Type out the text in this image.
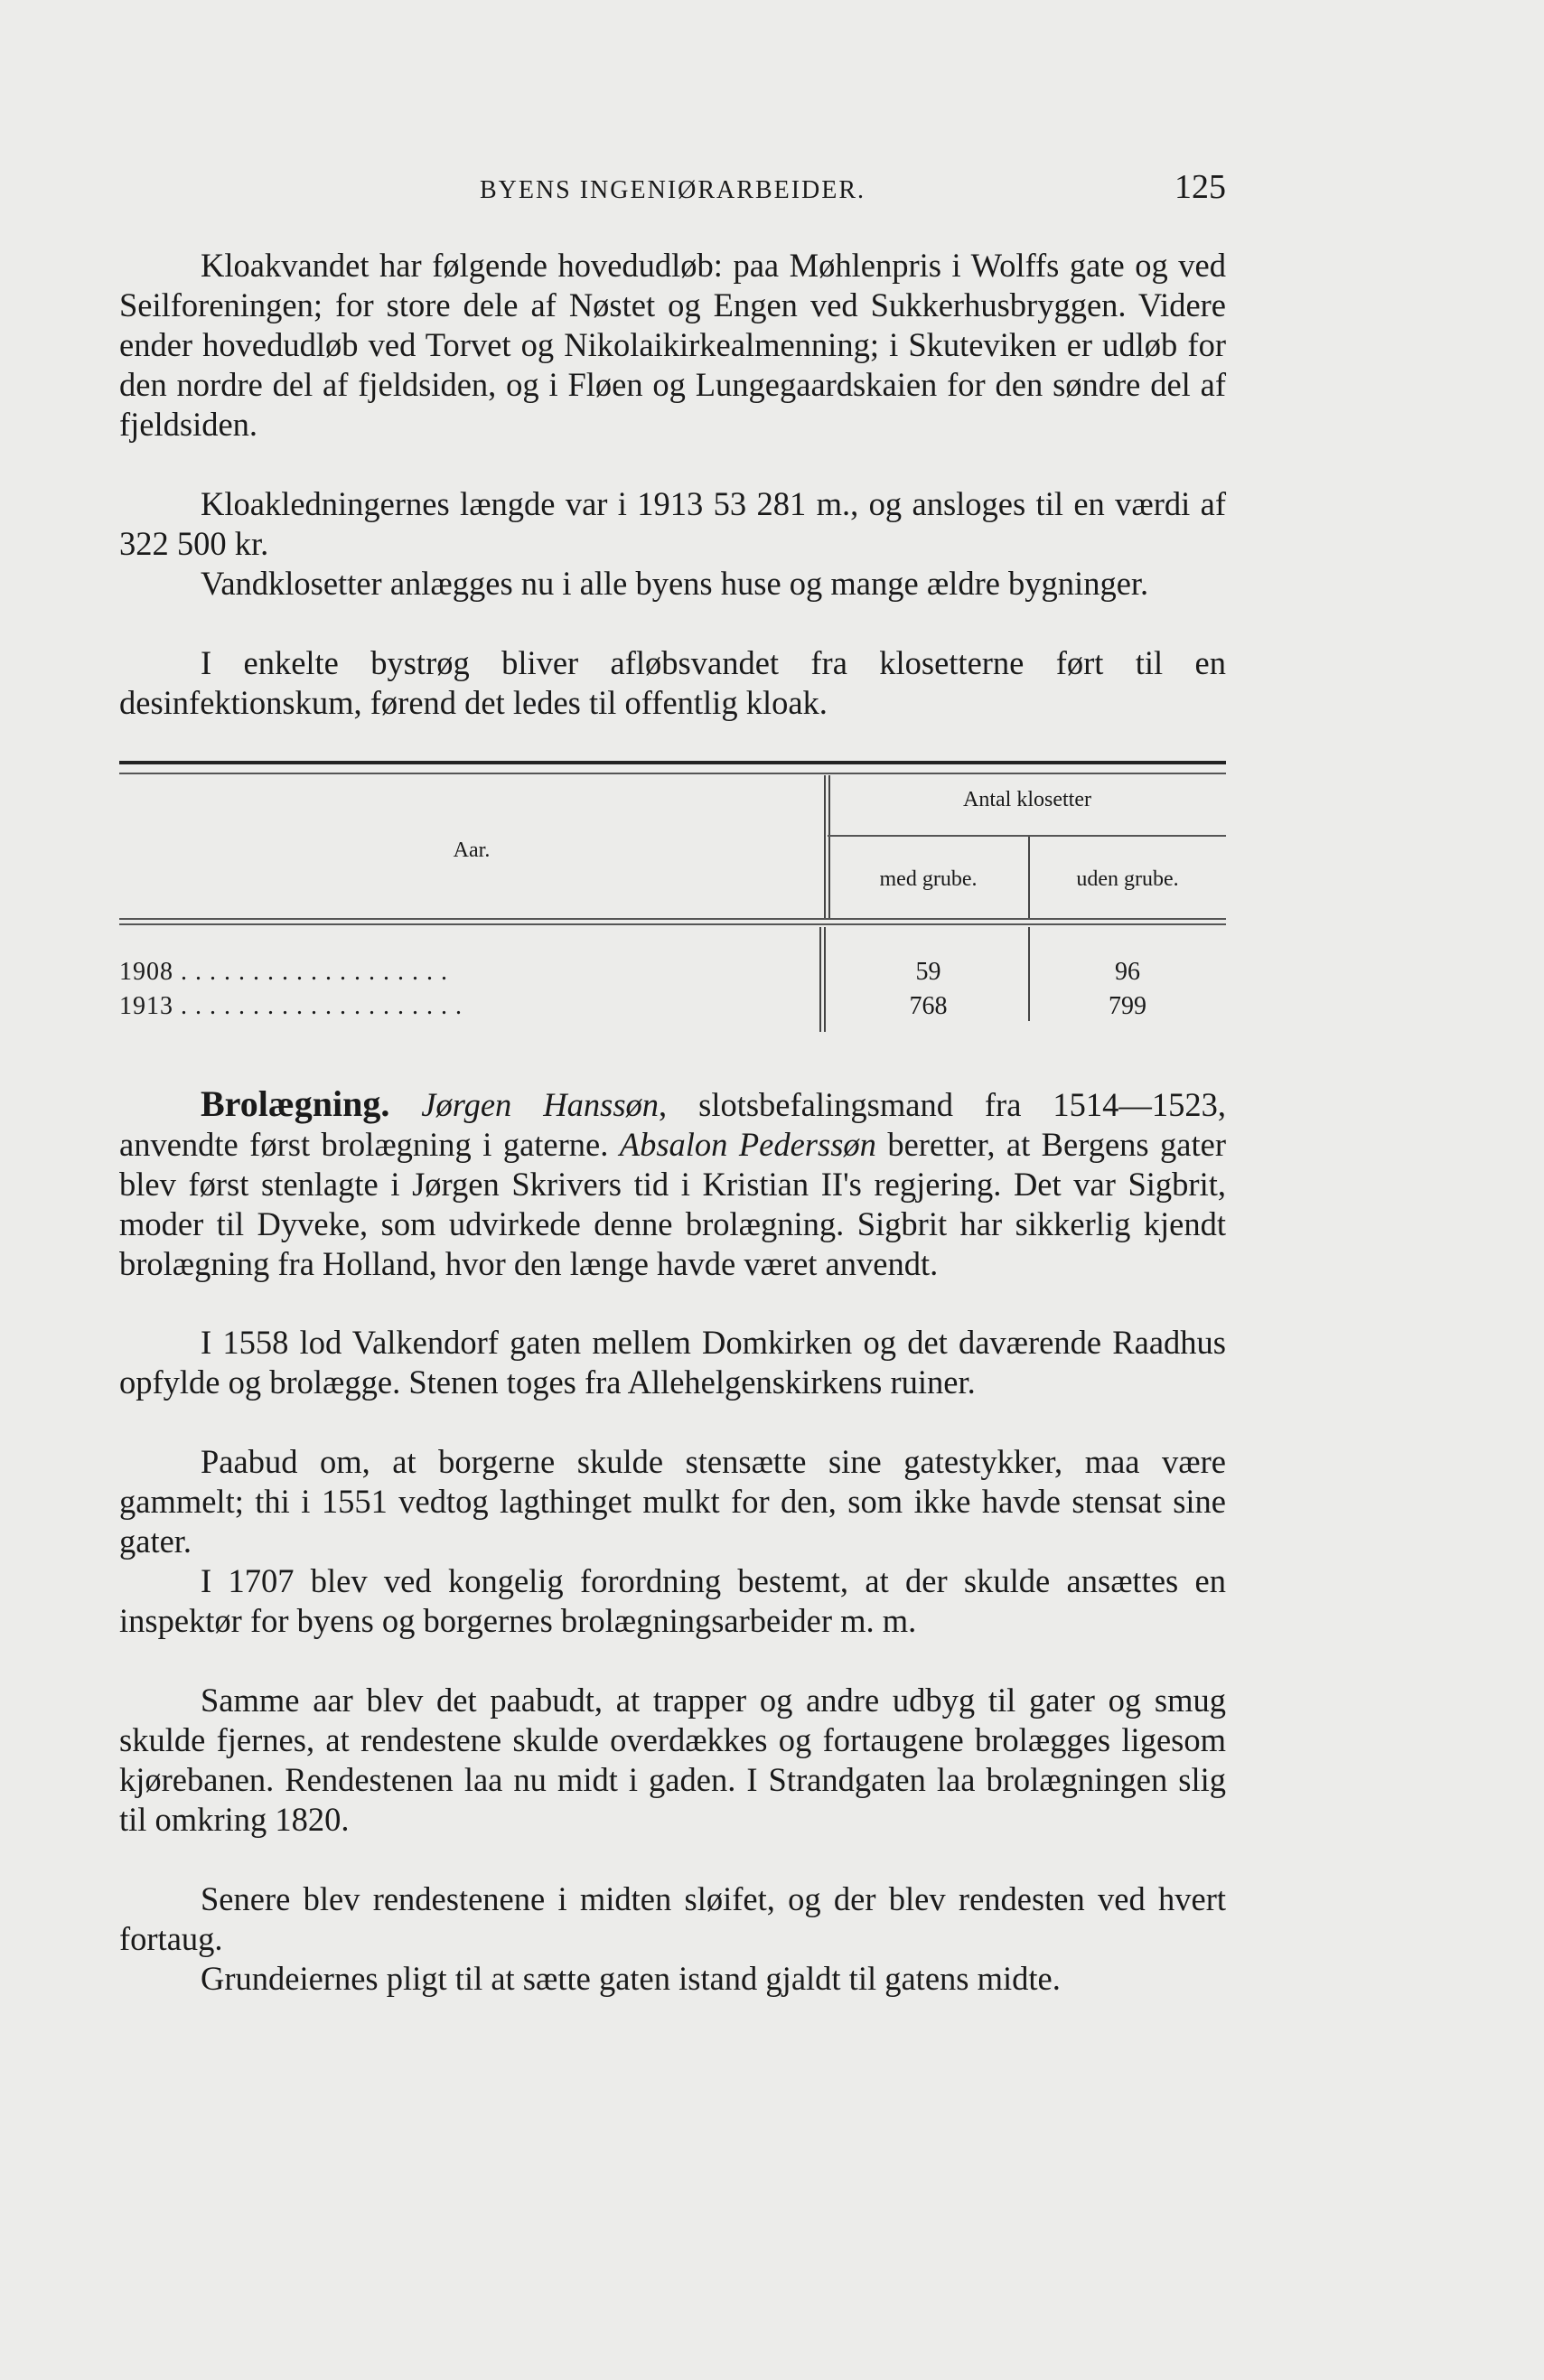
BYENS INGENIØRARBEIDER.	125

Kloakvandet har følgende hovedudløb: paa Møhlenpris i Wolffs gate og ved Seilforeningen; for store dele af Nøstet og Engen ved Sukkerhusbryggen. Videre ender hovedudløb ved Torvet og Nikolaikirkealmenning; i Skuteviken er udløb for den nordre del af fjeldsiden, og i Fløen og Lungegaardskaien for den søndre del af fjeldsiden.

Kloakledningernes længde var i 1913 53 281 m., og ansloges til en værdi af 322 500 kr.

Vandklosetter anlægges nu i alle byens huse og mange ældre bygninger.

I enkelte bystrøg bliver afløbsvandet fra klosetterne ført til en desinfektionskum, førend det ledes til offentlig kloak.

Aar.
Antal klosetter
med grube.	uden grube.
1908 . . . . . . . . . . . . . . . . . . .	59	96
1913 . . . . . . . . . . . . . . . . . . . .	768	799

Brolægning. Jørgen Hanssøn, slotsbefalingsmand fra 1514—1523, anvendte først brolægning i gaterne. Absalon Pederssøn beretter, at Bergens gater blev først stenlagte i Jørgen Skrivers tid i Kristian II's regjering. Det var Sigbrit, moder til Dyveke, som udvirkede denne brolægning. Sigbrit har sikkerlig kjendt brolægning fra Holland, hvor den længe havde været anvendt.

I 1558 lod Valkendorf gaten mellem Domkirken og det daværende Raadhus opfylde og brolægge. Stenen toges fra Allehelgenskirkens ruiner.

Paabud om, at borgerne skulde stensætte sine gatestykker, maa være gammelt; thi i 1551 vedtog lagthinget mulkt for den, som ikke havde stensat sine gater.

I 1707 blev ved kongelig forordning bestemt, at der skulde ansættes en inspektør for byens og borgernes brolægningsarbeider m. m.

Samme aar blev det paabudt, at trapper og andre udbyg til gater og smug skulde fjernes, at rendestene skulde overdækkes og fortaugene brolægges ligesom kjørebanen. Rendestenen laa nu midt i gaden. I Strandgaten laa brolægningen slig til omkring 1820.

Senere blev rendestenene i midten sløifet, og der blev rendesten ved hvert fortaug.

Grundeiernes pligt til at sætte gaten istand gjaldt til gatens midte.
